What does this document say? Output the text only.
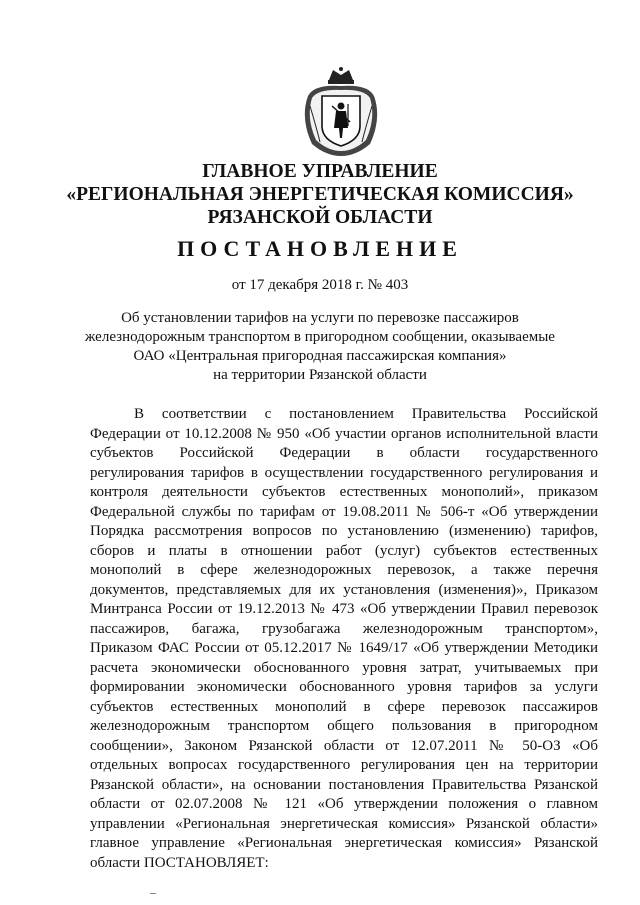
ГЛАВНОЕ УПРАВЛЕНИЕ
«РЕГИОНАЛЬНАЯ ЭНЕРГЕТИЧЕСКАЯ КОМИССИЯ»
РЯЗАНСКОЙ ОБЛАСТИ
ПОСТАНОВЛЕНИЕ
от 17 декабря 2018 г. № 403
Об установлении тарифов на услуги по перевозке пассажиров
железнодорожным транспортом в пригородном сообщении, оказываемые
ОАО «Центральная пригородная пассажирская компания»
на территории Рязанской области
В соответствии с постановлением Правительства Российской
Федерации от 10.12.2008 № 950 «Об участии органов исполнительной власти
субъектов Российской Федерации в области государственного
регулирования тарифов в осуществлении государственного регулирования и
контроля деятельности субъектов естественных монополий», приказом
Федеральной службы по тарифам от 19.08.2011 № 506-т «Об утверждении
Порядка рассмотрения вопросов по установлению (изменению) тарифов,
сборов и платы в отношении работ (услуг) субъектов естественных
монополий в сфере железнодорожных перевозок, а также перечня
документов, представляемых для их установления (изменения)», Приказом
Минтранса России от 19.12.2013 № 473 «Об утверждении Правил перевозок
пассажиров, багажа, грузобагажа железнодорожным транспортом»,
Приказом ФАС России от 05.12.2017 № 1649/17 «Об утверждении Методики
расчета экономически обоснованного уровня затрат, учитываемых при
формировании экономически обоснованного уровня тарифов за услуги
субъектов естественных монополий в сфере перевозок пассажиров
железнодорожным транспортом общего пользования в пригородном
сообщении», Законом Рязанской области от 12.07.2011 № 50-ОЗ «Об
отдельных вопросах государственного регулирования цен на территории
Рязанской области», на основании постановления Правительства Рязанской
области от 02.07.2008 № 121 «Об утверждении положения о главном
управлении «Региональная энергетическая комиссия» Рязанской области»
главное управление «Региональная энергетическая комиссия» Рязанской
области ПОСТАНОВЛЯЕТ:
